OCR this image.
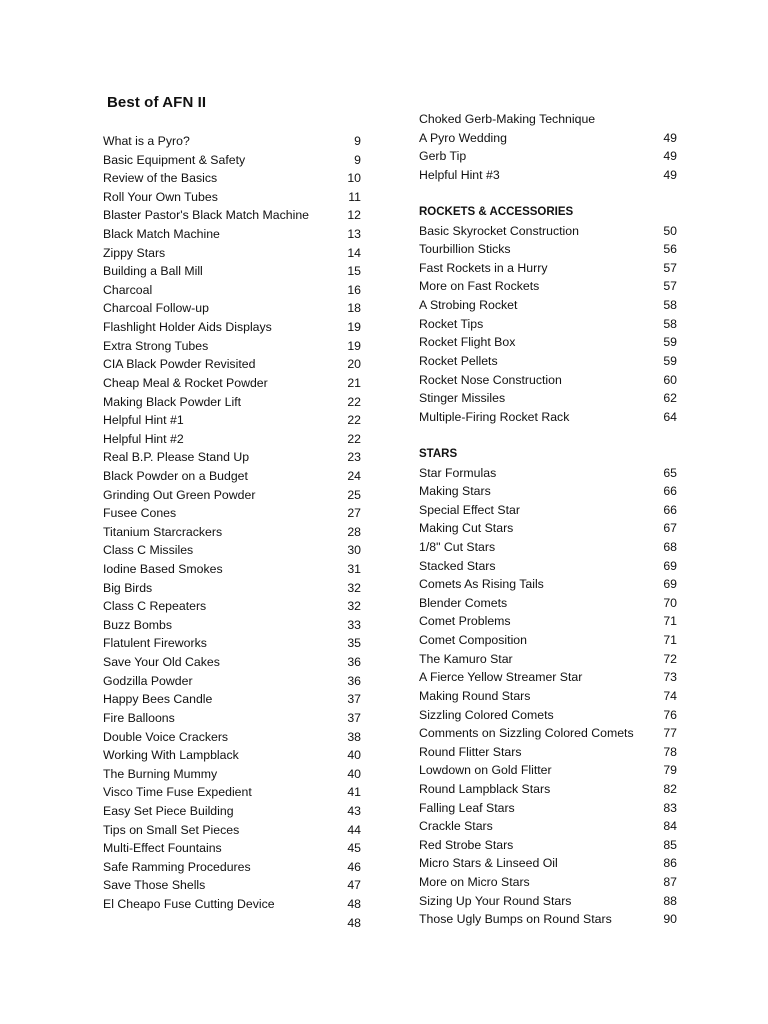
Best of AFN II
What is a Pyro?	9
Basic Equipment & Safety	9
Review of the Basics	10
Roll Your Own Tubes	11
Blaster Pastor's Black Match Machine	12
Black Match Machine	13
Zippy Stars	14
Building a Ball Mill	15
Charcoal	16
Charcoal Follow-up	18
Flashlight Holder Aids Displays	19
Extra Strong Tubes	19
CIA Black Powder Revisited	20
Cheap Meal & Rocket Powder	21
Making Black Powder Lift	22
Helpful Hint #1	22
Helpful Hint #2	22
Real B.P. Please Stand Up	23
Black Powder on a Budget	24
Grinding Out Green Powder	25
Fusee Cones	27
Titanium Starcrackers	28
Class C Missiles	30
Iodine Based Smokes	31
Big Birds	32
Class C Repeaters	32
Buzz Bombs	33
Flatulent Fireworks	35
Save Your Old Cakes	36
Godzilla Powder	36
Happy Bees Candle	37
Fire Balloons	37
Double Voice Crackers	38
Working With Lampblack	40
The Burning Mummy	40
Visco Time Fuse Expedient	41
Easy Set Piece Building	43
Tips on Small Set Pieces	44
Multi-Effect Fountains	45
Safe Ramming Procedures	46
Save Those Shells	47
El Cheapo Fuse Cutting Device	48
48
Choked Gerb-Making Technique
A Pyro Wedding	49
Gerb Tip	49
Helpful Hint #3	49
ROCKETS & ACCESSORIES
Basic Skyrocket Construction	50
Tourbillion Sticks	56
Fast Rockets in a Hurry	57
More on Fast Rockets	57
A Strobing Rocket	58
Rocket Tips	58
Rocket Flight Box	59
Rocket Pellets	59
Rocket Nose Construction	60
Stinger Missiles	62
Multiple-Firing Rocket Rack	64
STARS
Star Formulas	65
Making Stars	66
Special Effect Star	66
Making Cut Stars	67
1/8" Cut Stars	68
Stacked Stars	69
Comets As Rising Tails	69
Blender Comets	70
Comet Problems	71
Comet Composition	71
The Kamuro Star	72
A Fierce Yellow Streamer Star	73
Making Round Stars	74
Sizzling Colored Comets	76
Comments on Sizzling Colored Comets 77
Round Flitter Stars	78
Lowdown on Gold Flitter	79
Round Lampblack Stars	82
Falling Leaf Stars	83
Crackle Stars	84
Red Strobe Stars	85
Micro Stars & Linseed Oil	86
More on Micro Stars	87
Sizing Up Your Round Stars	88
Those Ugly Bumps on Round Stars	90
